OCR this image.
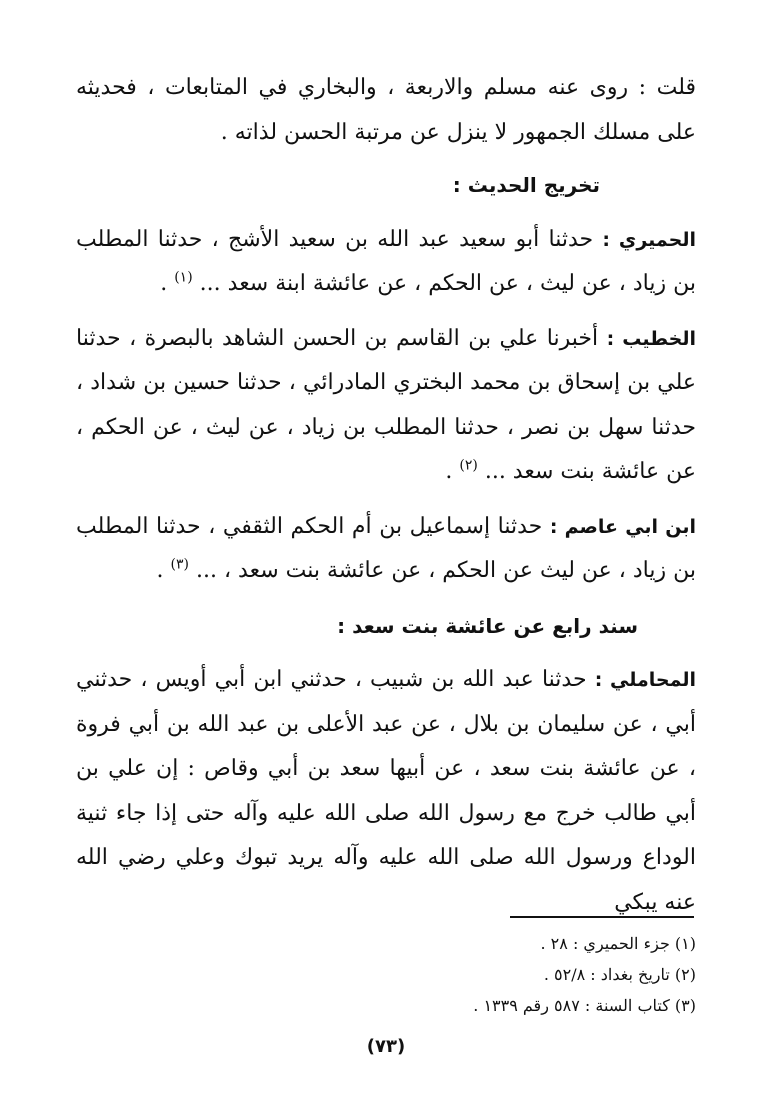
قلت : روى عنه مسلم والاربعة ، والبخاري في المتابعات ، فحديثه على مسلك الجمهور لا ينزل عن مرتبة الحسن لذاته .

تخريج الحديث :

الحميري : حدثنا أبو سعيد عبد الله بن سعيد الأشج ، حدثنا المطلب بن زياد ، عن ليث ، عن الحكم ، عن عائشة ابنة سعد ... $^{(١)}$ .

الخطيب : أخبرنا علي بن القاسم بن الحسن الشاهد بالبصرة ، حدثنا علي بن إسحاق بن محمد البختري المادرائي ، حدثنا حسين بن شداد ، حدثنا سهل بن نصر ، حدثنا المطلب بن زياد ، عن ليث ، عن الحكم ، عن عائشة بنت سعد ... $^{(٢)}$ .

ابن ابي عاصم : حدثنا إسماعيل بن أم الحكم الثقفي ، حدثنا المطلب بن زياد ، عن ليث عن الحكم ، عن عائشة بنت سعد ، ... $^{(٣)}$ .

سند رابع عن عائشة بنت سعد :

المحاملي : حدثنا عبد الله بن شبيب ، حدثني ابن أبي أويس ، حدثني أبي ، عن سليمان بن بلال ، عن عبد الأعلى بن عبد الله بن أبي فروة ، عن عائشة بنت سعد ، عن أبيها سعد بن أبي وقاص : إن علي بن أبي طالب خرج مع رسول الله صلى الله عليه وآله حتى إذا جاء ثنية الوداع ورسول الله صلى الله عليه وآله يريد تبوك وعلي رضي الله عنه يبكي

(١) جزء الحميري : ٢٨ .

(٢) تاريخ بغداد : ٥٢/٨ .

(٣) كتاب السنة : ٥٨٧ رقم ١٣٣٩ .

(٧٣)
